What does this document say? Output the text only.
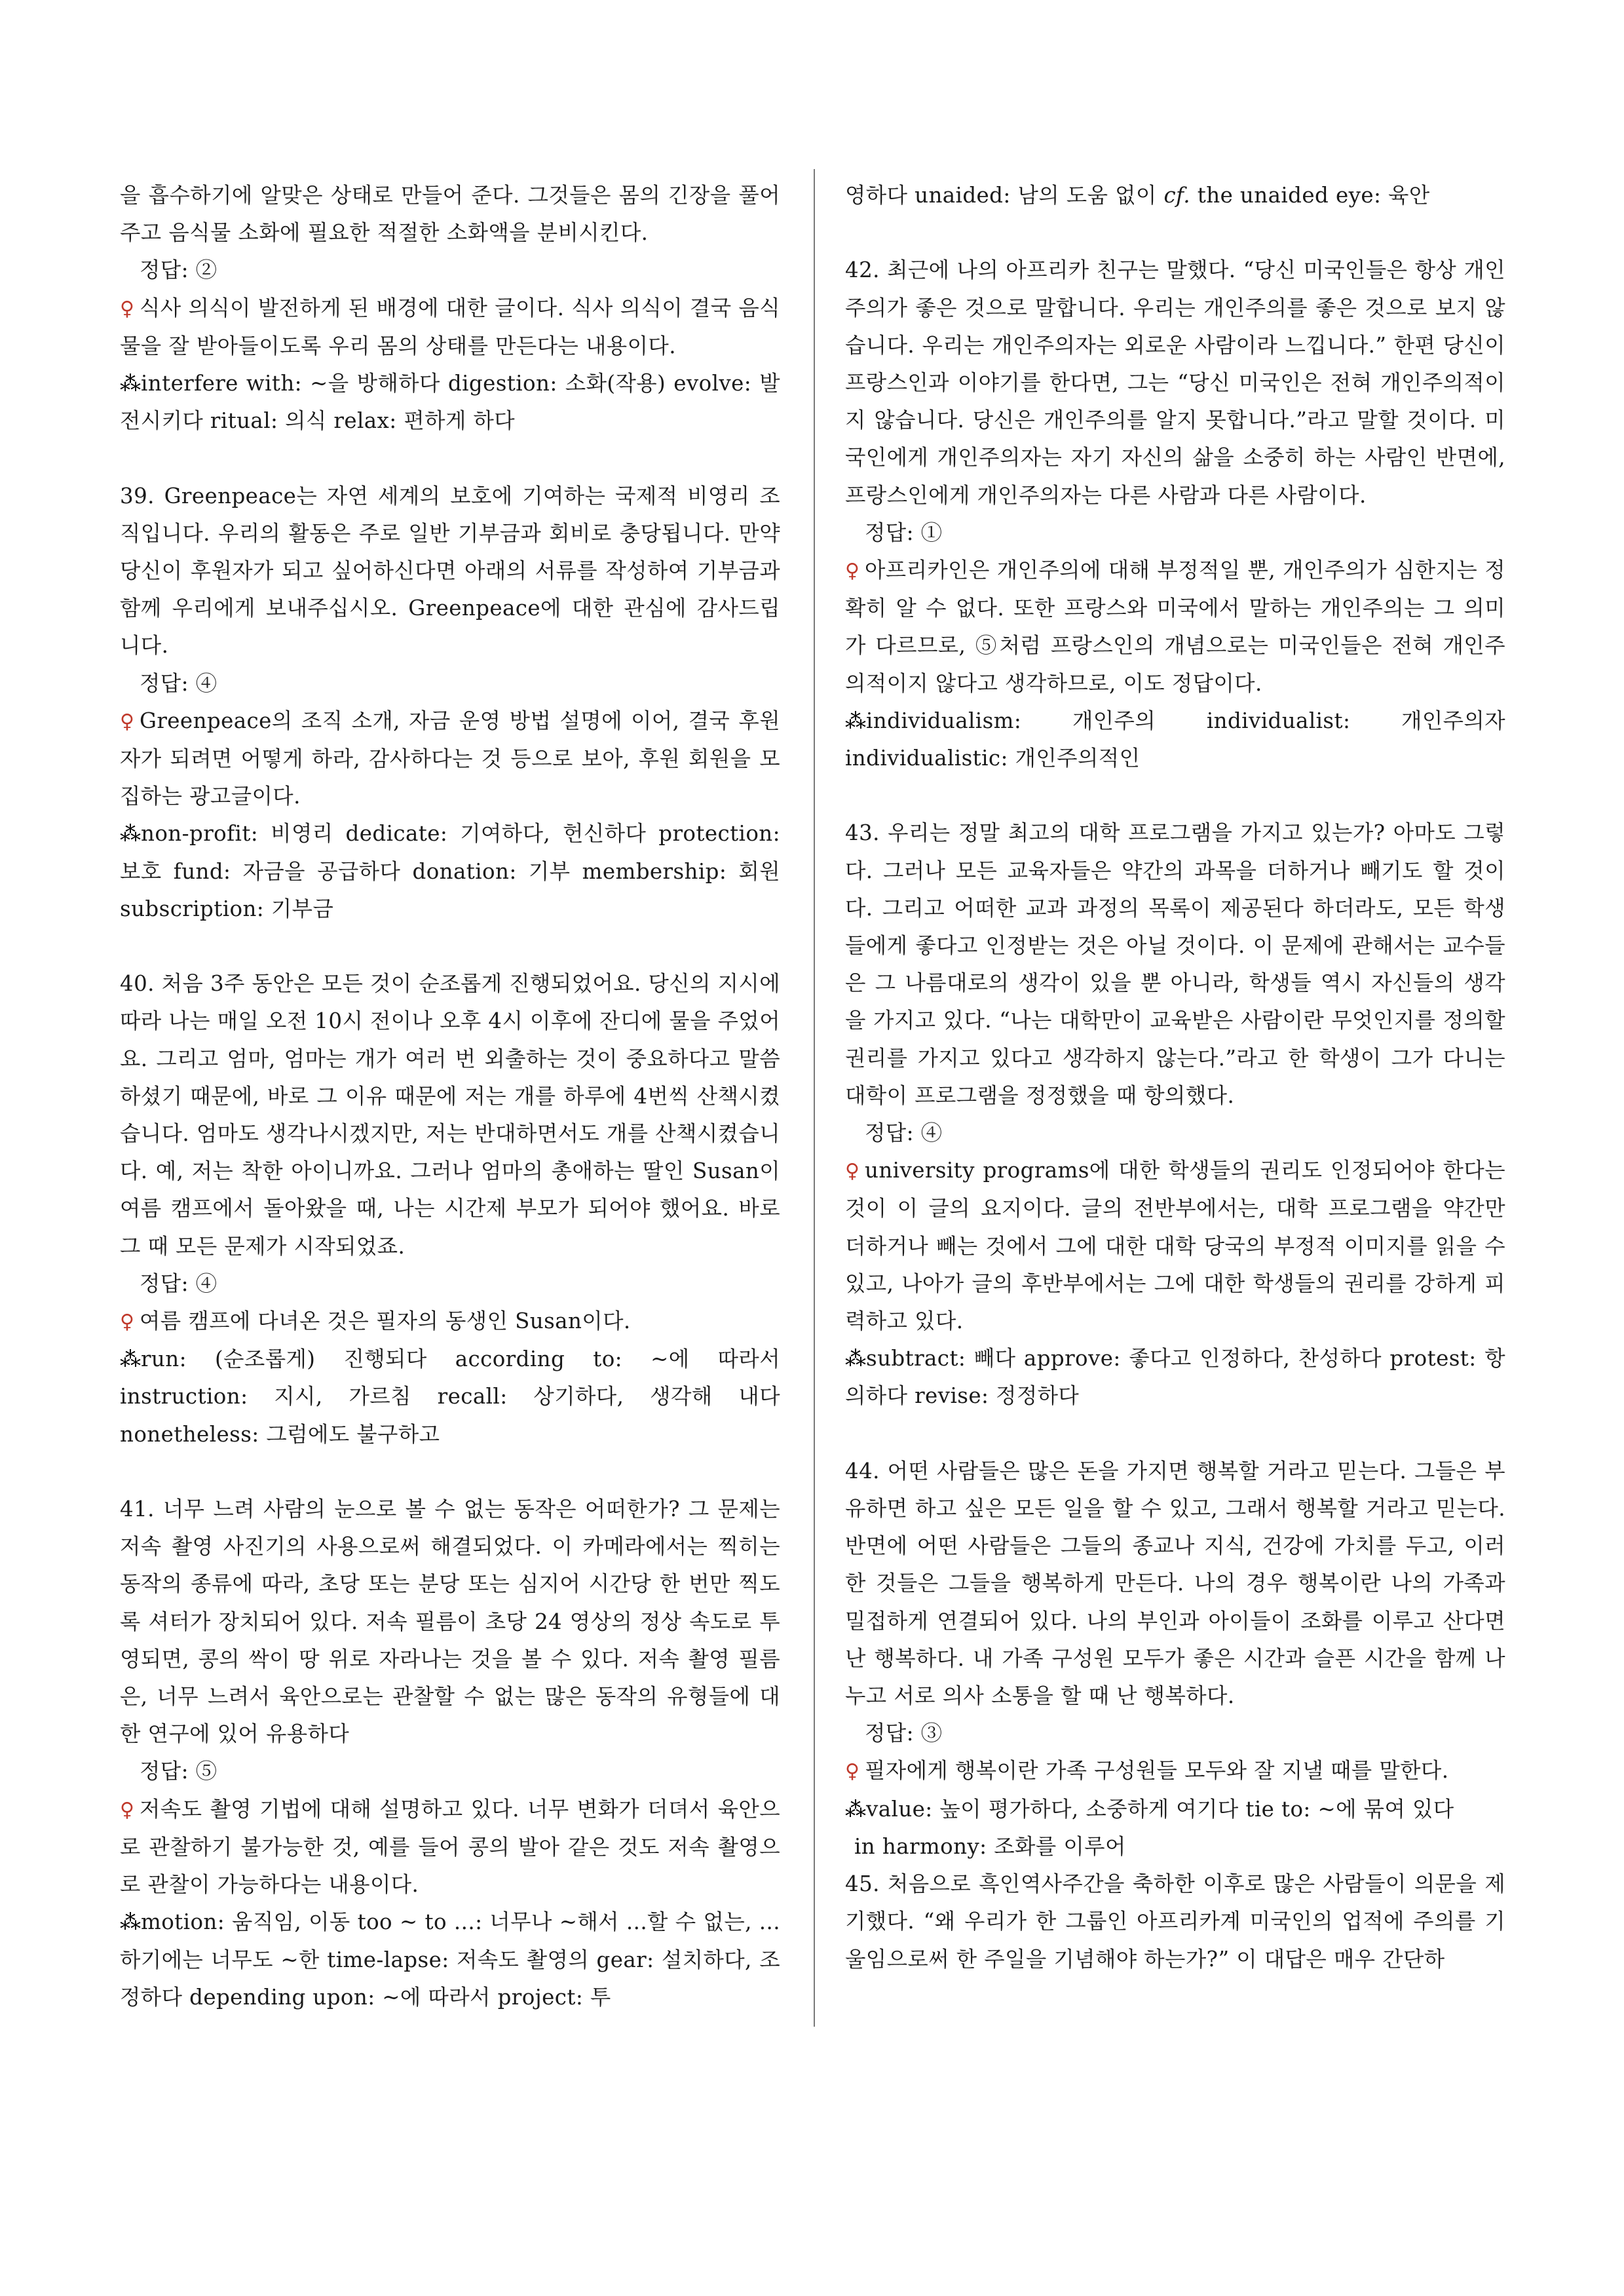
을 흡수하기에 알맞은 상태로 만들어 준다. 그것들은 몸의 긴장을 풀어주고 음식물 소화에 필요한 적절한 소화액을 분비시킨다.

정답: ②

♀ 식사 의식이 발전하게 된 배경에 대한 글이다. 식사 의식이 결국 음식물을 잘 받아들이도록 우리 몸의 상태를 만든다는 내용이다.

⁂interfere with: ~을 방해하다 digestion: 소화(작용) evolve: 발전시키다 ritual: 의식 relax: 편하게 하다

39. Greenpeace는 자연 세계의 보호에 기여하는 국제적 비영리 조직입니다. 우리의 활동은 주로 일반 기부금과 회비로 충당됩니다. 만약 당신이 후원자가 되고 싶어하신다면 아래의 서류를 작성하여 기부금과 함께 우리에게 보내주십시오. Greenpeace에 대한 관심에 감사드립니다.

정답: ④

♀ Greenpeace의 조직 소개, 자금 운영 방법 설명에 이어, 결국 후원자가 되려면 어떻게 하라, 감사하다는 것 등으로 보아, 후원 회원을 모집하는 광고글이다.

⁂non-profit: 비영리 dedicate: 기여하다, 헌신하다 protection: 보호 fund: 자금을 공급하다 donation: 기부 membership: 회원 subscription: 기부금

40. 처음 3주 동안은 모든 것이 순조롭게 진행되었어요. 당신의 지시에 따라 나는 매일 오전 10시 전이나 오후 4시 이후에 잔디에 물을 주었어요. 그리고 엄마, 엄마는 개가 여러 번 외출하는 것이 중요하다고 말씀하셨기 때문에, 바로 그 이유 때문에 저는 개를 하루에 4번씩 산책시켰습니다. 엄마도 생각나시겠지만, 저는 반대하면서도 개를 산책시켰습니다. 예, 저는 착한 아이니까요. 그러나 엄마의 총애하는 딸인 Susan이 여름 캠프에서 돌아왔을 때, 나는 시간제 부모가 되어야 했어요. 바로 그 때 모든 문제가 시작되었죠.

정답: ④

♀ 여름 캠프에 다녀온 것은 필자의 동생인 Susan이다.

⁂run: (순조롭게) 진행되다 according to: ~에 따라서 instruction: 지시, 가르침 recall: 상기하다, 생각해 내다 nonetheless: 그럼에도 불구하고

41. 너무 느려 사람의 눈으로 볼 수 없는 동작은 어떠한가? 그 문제는 저속 촬영 사진기의 사용으로써 해결되었다. 이 카메라에서는 찍히는 동작의 종류에 따라, 초당 또는 분당 또는 심지어 시간당 한 번만 찍도록 셔터가 장치되어 있다. 저속 필름이 초당 24 영상의 정상 속도로 투영되면, 콩의 싹이 땅 위로 자라나는 것을 볼 수 있다. 저속 촬영 필름은, 너무 느려서 육안으로는 관찰할 수 없는 많은 동작의 유형들에 대한 연구에 있어 유용하다

정답: ⑤

♀ 저속도 촬영 기법에 대해 설명하고 있다. 너무 변화가 더뎌서 육안으로 관찰하기 불가능한 것, 예를 들어 콩의 발아 같은 것도 저속 촬영으로 관찰이 가능하다는 내용이다.

⁂motion: 움직임, 이동 too ~ to ...: 너무나 ~해서 ...할 수 없는, ...하기에는 너무도 ~한 time-lapse: 저속도 촬영의 gear: 설치하다, 조정하다 depending upon: ~에 따라서 project: 투

영하다 unaided: 남의 도움 없이 cf. the unaided eye: 육안

42. 최근에 나의 아프리카 친구는 말했다. “당신 미국인들은 항상 개인주의가 좋은 것으로 말합니다. 우리는 개인주의를 좋은 것으로 보지 않습니다. 우리는 개인주의자는 외로운 사람이라 느낍니다.” 한편 당신이 프랑스인과 이야기를 한다면, 그는 “당신 미국인은 전혀 개인주의적이지 않습니다. 당신은 개인주의를 알지 못합니다.”라고 말할 것이다. 미국인에게 개인주의자는 자기 자신의 삶을 소중히 하는 사람인 반면에, 프랑스인에게 개인주의자는 다른 사람과 다른 사람이다.

정답: ①

♀ 아프리카인은 개인주의에 대해 부정적일 뿐, 개인주의가 심한지는 정확히 알 수 없다. 또한 프랑스와 미국에서 말하는 개인주의는 그 의미가 다르므로, ⑤처럼 프랑스인의 개념으로는 미국인들은 전혀 개인주의적이지 않다고 생각하므로, 이도 정답이다.

⁂individualism: 개인주의 individualist: 개인주의자 individualistic: 개인주의적인

43. 우리는 정말 최고의 대학 프로그램을 가지고 있는가? 아마도 그렇다. 그러나 모든 교육자들은 약간의 과목을 더하거나 빼기도 할 것이다. 그리고 어떠한 교과 과정의 목록이 제공된다 하더라도, 모든 학생들에게 좋다고 인정받는 것은 아닐 것이다. 이 문제에 관해서는 교수들은 그 나름대로의 생각이 있을 뿐 아니라, 학생들 역시 자신들의 생각을 가지고 있다. “나는 대학만이 교육받은 사람이란 무엇인지를 정의할 권리를 가지고 있다고 생각하지 않는다.”라고 한 학생이 그가 다니는 대학이 프로그램을 정정했을 때 항의했다.

정답: ④

♀ university programs에 대한 학생들의 권리도 인정되어야 한다는 것이 이 글의 요지이다. 글의 전반부에서는, 대학 프로그램을 약간만 더하거나 빼는 것에서 그에 대한 대학 당국의 부정적 이미지를 읽을 수 있고, 나아가 글의 후반부에서는 그에 대한 학생들의 권리를 강하게 피력하고 있다.

⁂subtract: 빼다 approve: 좋다고 인정하다, 찬성하다 protest: 항의하다 revise: 정정하다

44. 어떤 사람들은 많은 돈을 가지면 행복할 거라고 믿는다. 그들은 부유하면 하고 싶은 모든 일을 할 수 있고, 그래서 행복할 거라고 믿는다. 반면에 어떤 사람들은 그들의 종교나 지식, 건강에 가치를 두고, 이러한 것들은 그들을 행복하게 만든다. 나의 경우 행복이란 나의 가족과 밀접하게 연결되어 있다. 나의 부인과 아이들이 조화를 이루고 산다면 난 행복하다. 내 가족 구성원 모두가 좋은 시간과 슬픈 시간을 함께 나누고 서로 의사 소통을 할 때 난 행복하다.

정답: ③

♀ 필자에게 행복이란 가족 구성원들 모두와 잘 지낼 때를 말한다.

⁂value: 높이 평가하다, 소중하게 여기다 tie to: ~에 묶여 있다

in harmony: 조화를 이루어

45. 처음으로 흑인역사주간을 축하한 이후로 많은 사람들이 의문을 제기했다. “왜 우리가 한 그룹인 아프리카계 미국인의 업적에 주의를 기울임으로써 한 주일을 기념해야 하는가?” 이 대답은 매우 간단하
